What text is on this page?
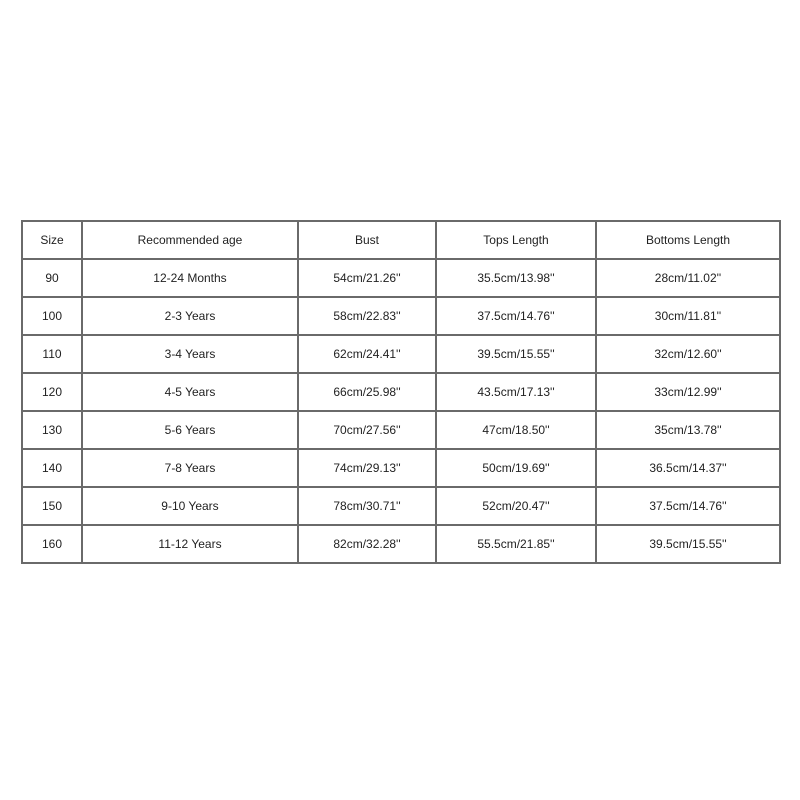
Size	Recommended age	Bust	Tops Length	Bottoms Length
90	12-24 Months	54cm/21.26''	35.5cm/13.98''	28cm/11.02''
100	2-3 Years	58cm/22.83''	37.5cm/14.76''	30cm/11.81''
110	3-4 Years	62cm/24.41''	39.5cm/15.55''	32cm/12.60''
120	4-5 Years	66cm/25.98''	43.5cm/17.13''	33cm/12.99''
130	5-6 Years	70cm/27.56''	47cm/18.50''	35cm/13.78''
140	7-8 Years	74cm/29.13''	50cm/19.69''	36.5cm/14.37''
150	9-10 Years	78cm/30.71''	52cm/20.47''	37.5cm/14.76''
160	11-12 Years	82cm/32.28''	55.5cm/21.85''	39.5cm/15.55''
